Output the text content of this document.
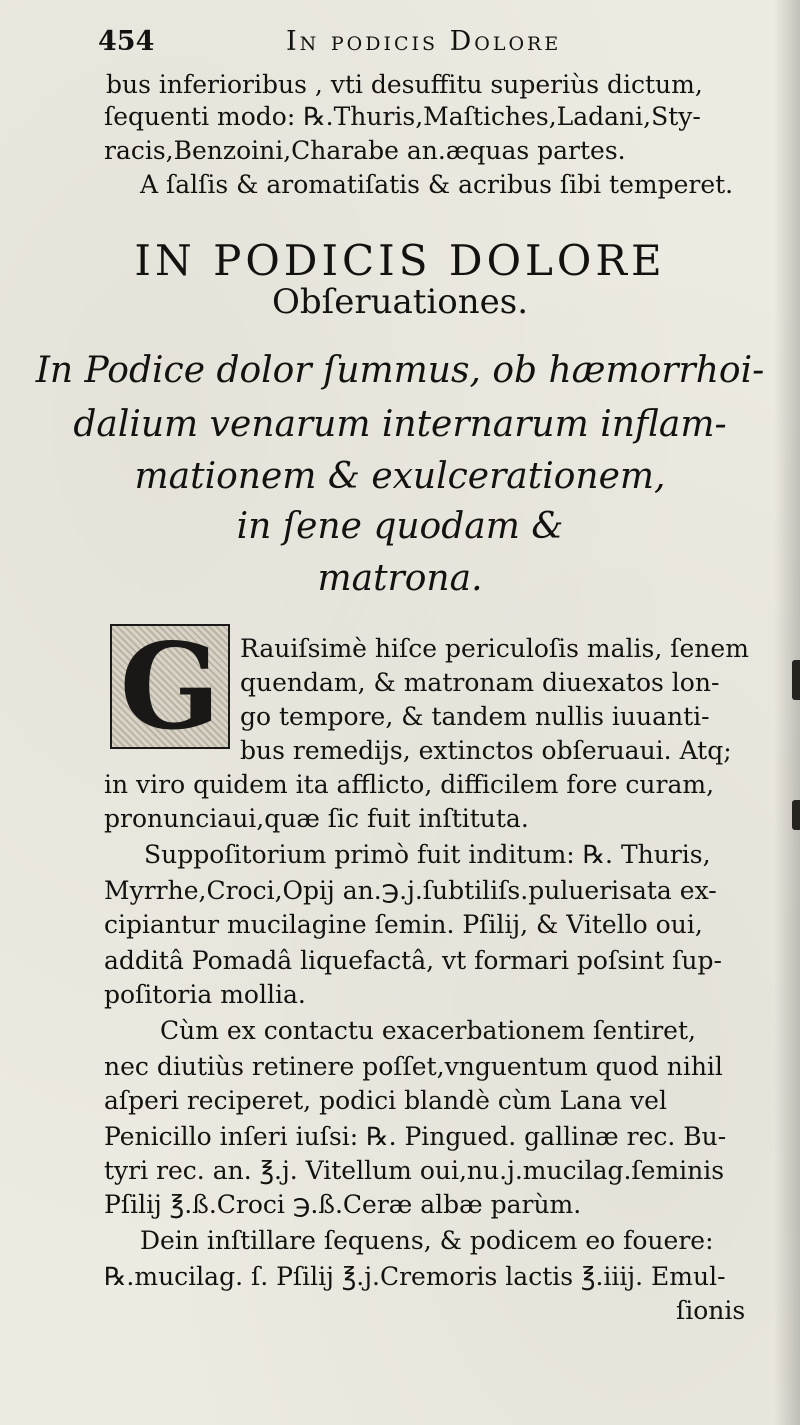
454	In podicis Dolore

bus inferioribus , vti desuffitu superiùs dictum,

ſequenti modo: ℞.Thuris,Maſtiches,Ladani,Sty-

racis,Benzoini,Charabe an.æquas partes.

A ſalſis & aromatiſatis & acribus ſibi temperet.

IN PODICIS DOLORE
Obſeruationes.
In Podice dolor ſummus, ob hæmorrhoi-
dalium venarum internarum inflam-
mationem & exulcerationem,
in ſene quodam &
matrona.
G Rauiſsimè hiſce periculoſis malis, ſenem

quendam, & matronam diuexatos lon-

go tempore, & tandem nullis iuuanti-

bus remedijs, extinctos obſeruaui. Atq;

in viro quidem ita afflicto, difficilem fore curam,

pronunciaui,quæ ſic fuit inſtituta.

Suppoſitorium primò fuit inditum: ℞. Thuris,

Myrrhe,Croci,Opij an.℈.j.ſubtiliſs.puluerisata ex-

cipiantur mucilagine ſemin. Pſilij, & Vitello oui,

additâ Pomadâ liquefactâ, vt formari poſsint ſup-

poſitoria mollia.

Cùm ex contactu exacerbationem ſentiret,

nec diutiùs retinere poſſet,vnguentum quod nihil

aſperi reciperet, podici blandè cùm Lana vel

Penicillo inſeri iuſsi: ℞. Pingued. gallinæ rec. Bu-

tyri rec. an. ℥.j. Vitellum oui,nu.j.mucilag.ſeminis

Pſilij ℥.ß.Croci ℈.ß.Ceræ albæ parùm.

Dein inſtillare ſequens, & podicem eo fouere:

℞.mucilag. ſ. Pſilij ℥.j.Cremoris lactis ℥.iiij. Emul-

ſionis
